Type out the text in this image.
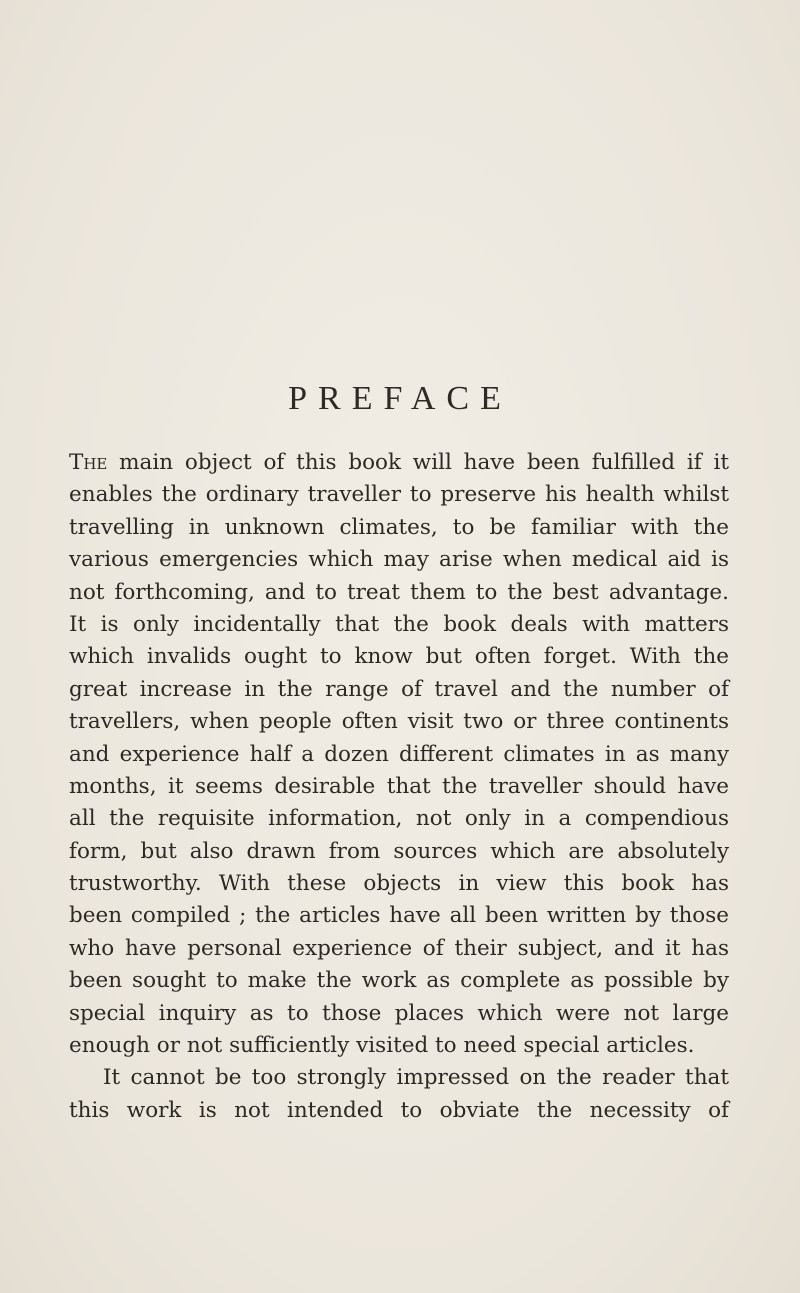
PREFACE
The main object of this book will have been fulfilled if it
enables the ordinary traveller to preserve his health whilst
travelling in unknown climates, to be familiar with the
various emergencies which may arise when medical aid is
not forthcoming, and to treat them to the best advantage.
It is only incidentally that the book deals with matters
which invalids ought to know but often forget. With the
great increase in the range of travel and the number of
travellers, when people often visit two or three continents
and experience half a dozen different climates in as many
months, it seems desirable that the traveller should have
all the requisite information, not only in a compendious
form, but also drawn from sources which are absolutely
trustworthy. With these objects in view this book has
been compiled ; the articles have all been written by those
who have personal experience of their subject, and it has
been sought to make the work as complete as possible by
special inquiry as to those places which were not large
enough or not sufficiently visited to need special articles.
It cannot be too strongly impressed on the reader that
this work is not intended to obviate the necessity of
